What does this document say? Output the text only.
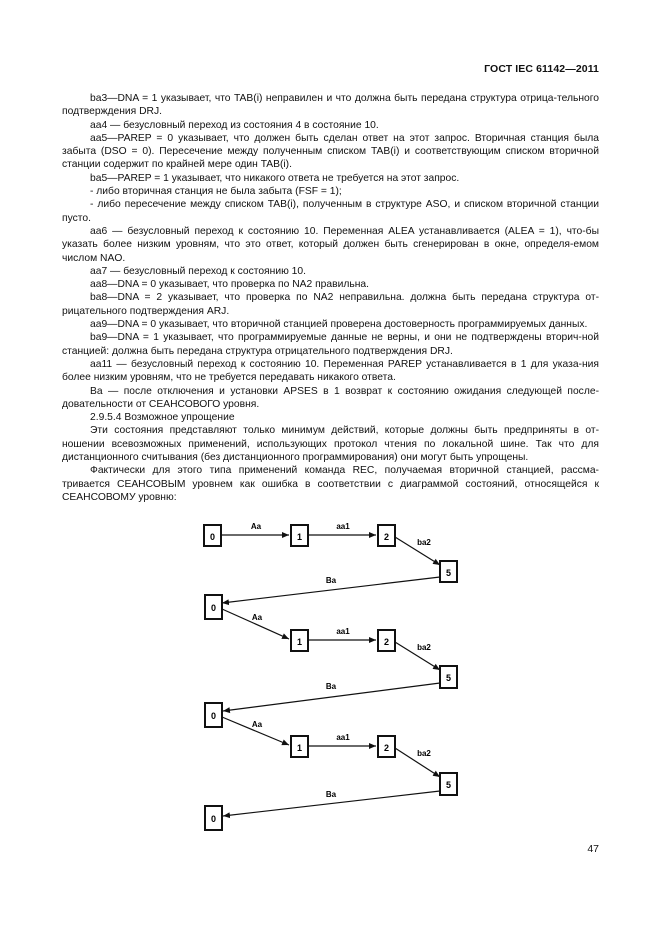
ГОСТ IEC 61142—2011

ba3—DNA = 1 указывает, что TAB(i) неправилен и что должна быть передана структура отрица-тельного подтверждения DRJ.

aa4 — безусловный переход из состояния 4 в состояние 10.

aa5—PAREP = 0 указывает, что должен быть сделан ответ на этот запрос. Вторичная станция была забыта (DSO = 0). Пересечение между полученным списком TAB(i) и соответствующим списком вторичной станции содержит по крайней мере один TAB(i).

ba5—PAREP = 1 указывает, что никакого ответа не требуется на этот запрос.

- либо вторичная станция не была забыта (FSF = 1);

- либо пересечение между списком TAB(i), полученным в структуре ASO, и списком вторичной станции пусто.

aa6 — безусловный переход к состоянию 10. Переменная ALEA устанавливается (ALEA = 1), что-бы указать более низким уровням, что это ответ, который должен быть сгенерирован в окне, определя-емом числом NAO.

aa7 — безусловный переход к состоянию 10.

aa8—DNA = 0 указывает, что проверка по NA2 правильна.

ba8—DNA = 2 указывает, что проверка по NA2 неправильна. должна быть передана структура от-рицательного подтверждения ARJ.

aa9—DNA = 0 указывает, что вторичной станцией проверена достоверность программируемых данных.

ba9—DNA = 1 указывает, что программируемые данные не верны, и они не подтверждены вторич-ной станцией: должна быть передана структура отрицательного подтверждения DRJ.

aa11 — безусловный переход к состоянию 10. Переменная PAREP устанавливается в 1 для указа-ния более низким уровням, что не требуется передавать никакого ответа.

Ba — после отключения и установки APSES в 1 возврат к состоянию ожидания следующей после-довательности от СЕАНСОВОГО уровня.

2.9.5.4 Возможное упрощение

Эти состояния представляют только минимум действий, которые должны быть предприняты в от-ношении всевозможных применений, использующих протокол чтения по локальной шине. Так что для дистанционного считывания (без дистанционного программирования) они могут быть упрощены.

Фактически для этого типа применений команда REC, получаемая вторичной станцией, рассма-тривается СЕАНСОВЫМ уровнем как ошибка в соответствии с диаграммой состояний, относящейся к СЕАНСОВОМУ уровню:

0	1	2
5
Aa	aa1
ba2
Ba
0
1	2
5
Aa
aa1
ba2
Ba
0
1	2
5
Aa
aa1
ba2
Ba
0
47
